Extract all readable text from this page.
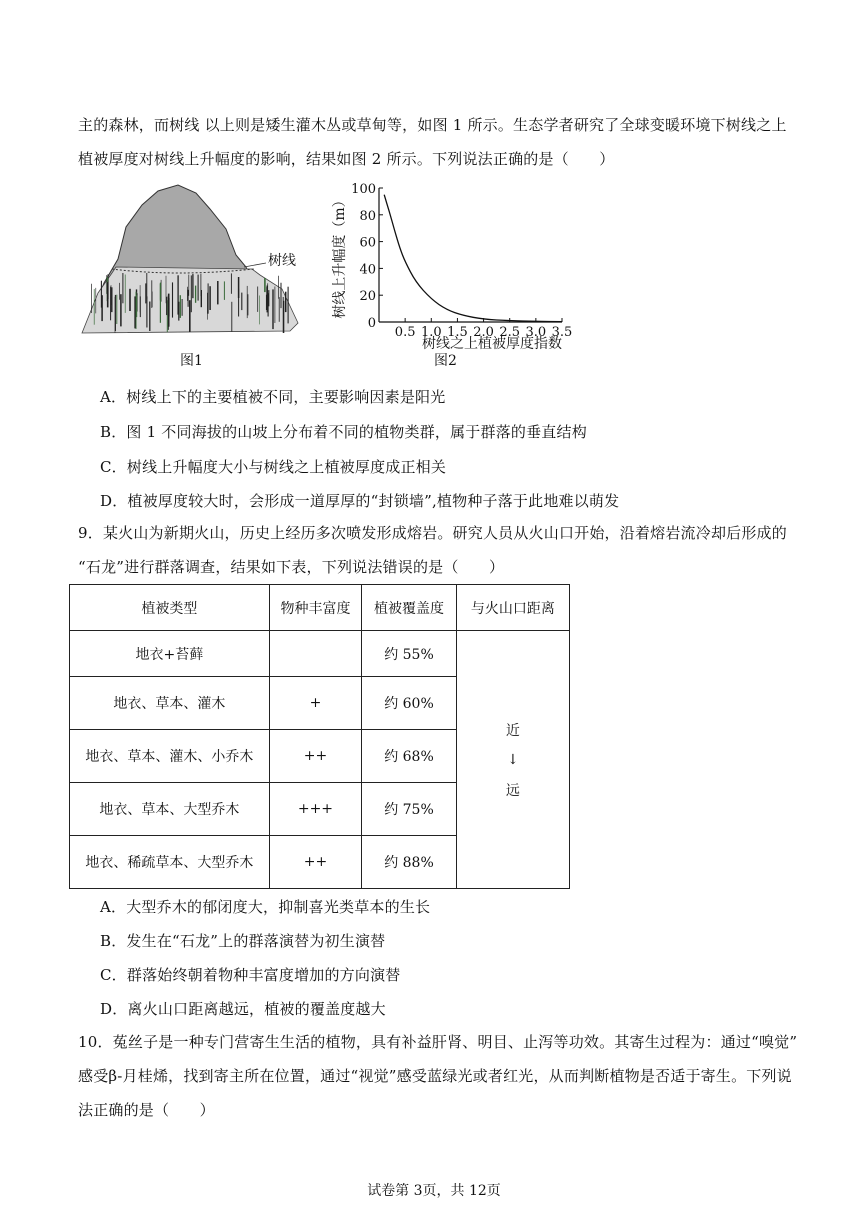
主的森林，而树线 以上则是矮生灌木丛或草甸等，如图 1 所示。生态学者研究了全球变暖环境下树线之上
植被厚度对树线上升幅度的影响，结果如图 2 所示。下列说法正确的是（　　）
树线
图1
0
20
40
60
80
100
0.5 1.0 1.5 2.0 2.5 3.0 3.5
树线上升幅度（m）
树线之上植被厚度指数
图2
A．树线上下的主要植被不同，主要影响因素是阳光
B．图 1 不同海拔的山坡上分布着不同的植物类群，属于群落的垂直结构
C．树线上升幅度大小与树线之上植被厚度成正相关
D．植被厚度较大时，会形成一道厚厚的“封锁墙”,植物种子落于此地难以萌发
9．某火山为新期火山，历史上经历多次喷发形成熔岩。研究人员从火山口开始，沿着熔岩流冷却后形成的
“石龙”进行群落调查，结果如下表，下列说法错误的是（　　）
植被类型	物种丰富度	植被覆盖度	与火山口距离
地衣+苔藓		约 55%	近
↓
远

地衣、草本、灌木	+	约 60%	
地衣、草本、灌木、小乔木	++	约 68%	
地衣、草本、大型乔木	+++	约 75%	
地衣、稀疏草本、大型乔木	++	约 88%	
A．大型乔木的郁闭度大，抑制喜光类草本的生长
B．发生在“石龙”上的群落演替为初生演替
C．群落始终朝着物种丰富度增加的方向演替
D．离火山口距离越远，植被的覆盖度越大
10．菟丝子是一种专门营寄生生活的植物，具有补益肝肾、明目、止泻等功效。其寄生过程为：通过“嗅觉”
感受β-月桂烯，找到寄主所在位置，通过“视觉”感受蓝绿光或者红光，从而判断植物是否适于寄生。下列说
法正确的是（　　）
试卷第 3页，共 12页
